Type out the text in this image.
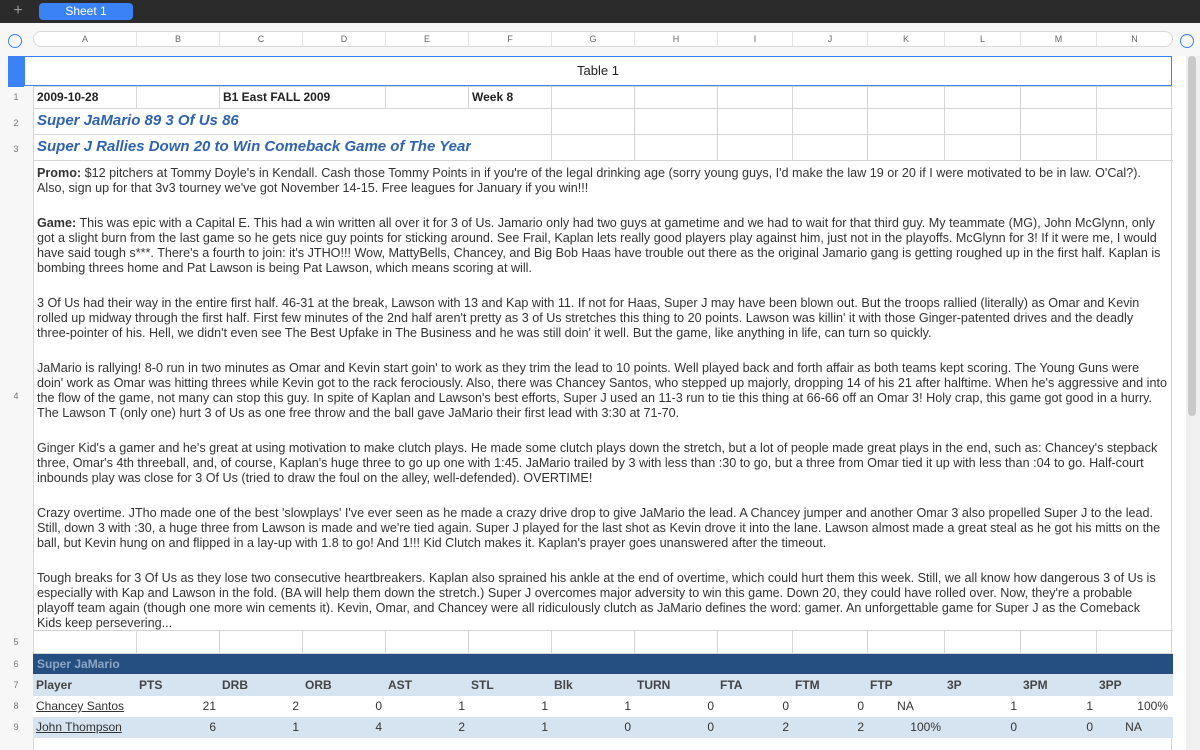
+	Sheet 1
A	B	C	D	E	F	G	H	I	J	K	L	M	N
1
2
3
4
5
6
7
8
9
Table 1
2009-10-28	B1 East FALL 2009	Week 8
Super JaMario 89 3 Of Us 86
Super J Rallies Down 20 to Win Comeback Game of The Year

Promo: $12 pitchers at Tommy Doyle's in Kendall. Cash those Tommy Points in if you're of the legal drinking age (sorry young guys, I'd make the law 19 or 20 if I were motivated to be in law. O'Cal?). Also, sign up for that 3v3 tourney we've got November 14-15. Free leagues for January if you win!!!

Game: This was epic with a Capital E. This had a win written all over it for 3 of Us. Jamario only had two guys at gametime and we had to wait for that third guy. My teammate (MG), John McGlynn, only got a slight burn from the last game so he gets nice guy points for sticking around. See Frail, Kaplan lets really good players play against him, just not in the playoffs. McGlynn for 3! If it were me, I would have said tough s***. There's a fourth to join: it's JTHO!!! Wow, MattyBells, Chancey, and Big Bob Haas have trouble out there as the original Jamario gang is getting roughed up in the first half. Kaplan is bombing threes home and Pat Lawson is being Pat Lawson, which means scoring at will.

3 Of Us had their way in the entire first half. 46-31 at the break, Lawson with 13 and Kap with 11. If not for Haas, Super J may have been blown out. But the troops rallied (literally) as Omar and Kevin rolled up midway through the first half. First few minutes of the 2nd half aren't pretty as 3 of Us stretches this thing to 20 points. Lawson was killin' it with those Ginger-patented drives and the deadly three-pointer of his. Hell, we didn't even see The Best Upfake in The Business and he was still doin' it well. But the game, like anything in life, can turn so quickly.

JaMario is rallying! 8-0 run in two minutes as Omar and Kevin start goin' to work as they trim the lead to 10 points. Well played back and forth affair as both teams kept scoring. The Young Guns were doin' work as Omar was hitting threes while Kevin got to the rack ferociously. Also, there was Chancey Santos, who stepped up majorly, dropping 14 of his 21 after halftime. When he's aggressive and into the flow of the game, not many can stop this guy. In spite of Kaplan and Lawson's best efforts, Super J used an 11-3 run to tie this thing at 66-66 off an Omar 3! Holy crap, this game got good in a hurry. The Lawson T (only one) hurt 3 of Us as one free throw and the ball gave JaMario their first lead with 3:30 at 71-70.

Ginger Kid's a gamer and he's great at using motivation to make clutch plays. He made some clutch plays down the stretch, but a lot of people made great plays in the end, such as: Chancey's stepback three, Omar's 4th threeball, and, of course, Kaplan's huge three to go up one with 1:45. JaMario trailed by 3 with less than :30 to go, but a three from Omar tied it up with less than :04 to go. Half-court inbounds play was close for 3 Of Us (tried to draw the foul on the alley, well-defended). OVERTIME!

Crazy overtime. JTho made one of the best 'slowplays' I've ever seen as he made a crazy drive drop to give JaMario the lead. A Chancey jumper and another Omar 3 also propelled Super J to the lead. Still, down 3 with :30, a huge three from Lawson is made and we're tied again. Super J played for the last shot as Kevin drove it into the lane. Lawson almost made a great steal as he got his mitts on the ball, but Kevin hung on and flipped in a lay-up with 1.8 to go! And 1!!! Kid Clutch makes it. Kaplan's prayer goes unanswered after the timeout.

Tough breaks for 3 Of Us as they lose two consecutive heartbreakers. Kaplan also sprained his ankle at the end of overtime, which could hurt them this week. Still, we all know how dangerous 3 of Us is especially with Kap and Lawson in the fold. (BA will help them down the stretch.) Super J overcomes major adversity to win this game. Down 20, they could have rolled over. Now, they're a probable playoff team again (though one more win cements it). Kevin, Omar, and Chancey were all ridiculously clutch as JaMario defines the word: gamer. An unforgettable game for Super J as the Comeback Kids keep persevering...

Super JaMario
Player	PTS	DRB	ORB	AST	STL	Blk	TURN	FTA	FTM	FTP	3P	3PM	3PP
Chancey Santos	21	2	0	1	1	1	0	0	0	NA	1	1	100%
John Thompson	6	1	4	2	1	0	0	2	2	100%	0	0	NA
